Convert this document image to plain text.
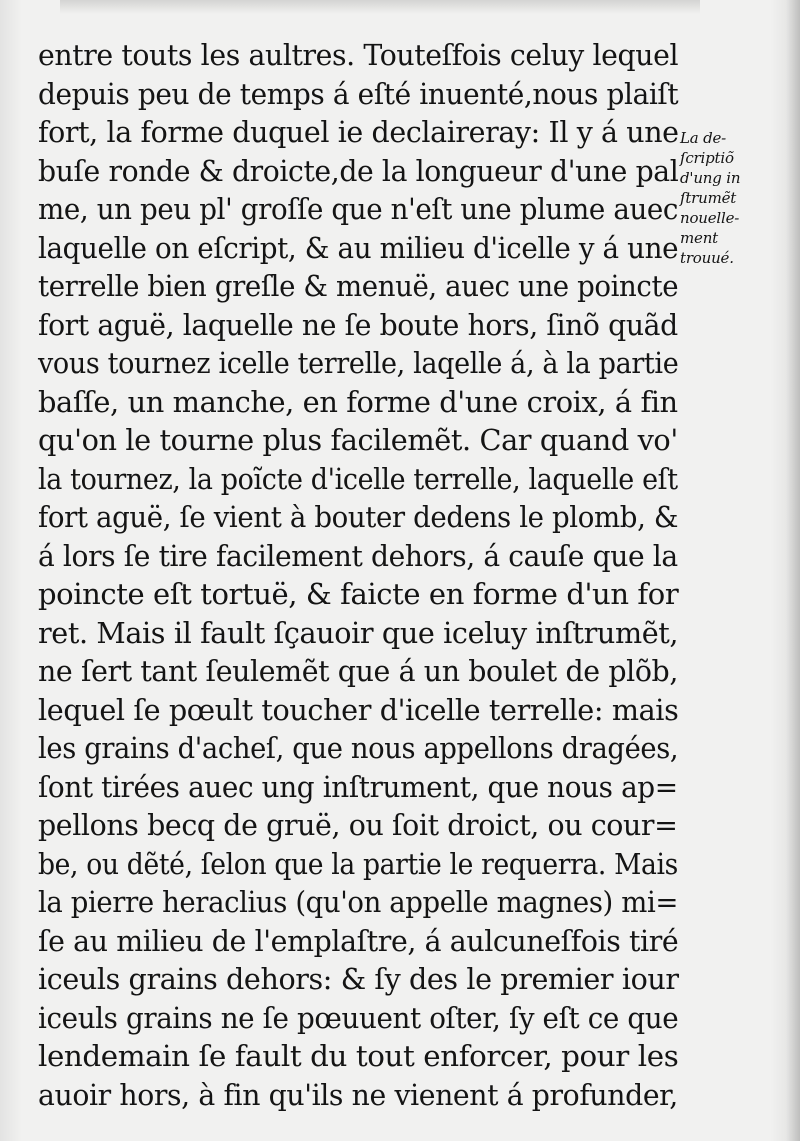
entre touts les aultres. Touteſfois celuy lequel
depuis peu de temps á eſté inuenté,nous plaiſt
fort, la forme duquel ie declaireray: Il y á une
buſe ronde & droicte,de la longueur d'une pal
me, un peu pl' groſſe que n'eſt une plume auec
laquelle on eſcript, & au milieu d'icelle y á une
terrelle bien greſle & menuë, auec une poincte
fort aguë, laquelle ne ſe boute hors, ſinõ quãd
vous tournez icelle terrelle, laqelle á, à la partie
baſſe, un manche, en forme d'une croix, á fin
qu'on le tourne plus facilemẽt. Car quand vo'
la tournez, la poĩcte d'icelle terrelle, laquelle eſt
fort aguë, ſe vient à bouter dedens le plomb, &
á lors ſe tire facilement dehors, á cauſe que la
poincte eſt tortuë, & faicte en forme d'un for
ret. Mais il fault ſçauoir que iceluy inſtrumẽt,
ne ſert tant ſeulemẽt que á un boulet de plõb,
lequel ſe pœult toucher d'icelle terrelle: mais
les grains d'acheſ, que nous appellons dragées,
ſont tirées auec ung inſtrument, que nous ap=
pellons becq de gruë, ou ſoit droict, ou cour=
be, ou dẽté, ſelon que la partie le requerra. Mais
la pierre heraclius (qu'on appelle magnes) mi=
ſe au milieu de l'emplaſtre, á aulcuneſfois tiré
iceuls grains dehors: & ſy des le premier iour
iceuls grains ne ſe pœuuent oſter, ſy eſt ce que
lendemain ſe fault du tout enforcer, pour les
auoir hors, à fin qu'ils ne vienent á profunder,
La de-
ſcriptiõ
d'ung in
ſtrumẽt
nouelle-
ment
trouué.
